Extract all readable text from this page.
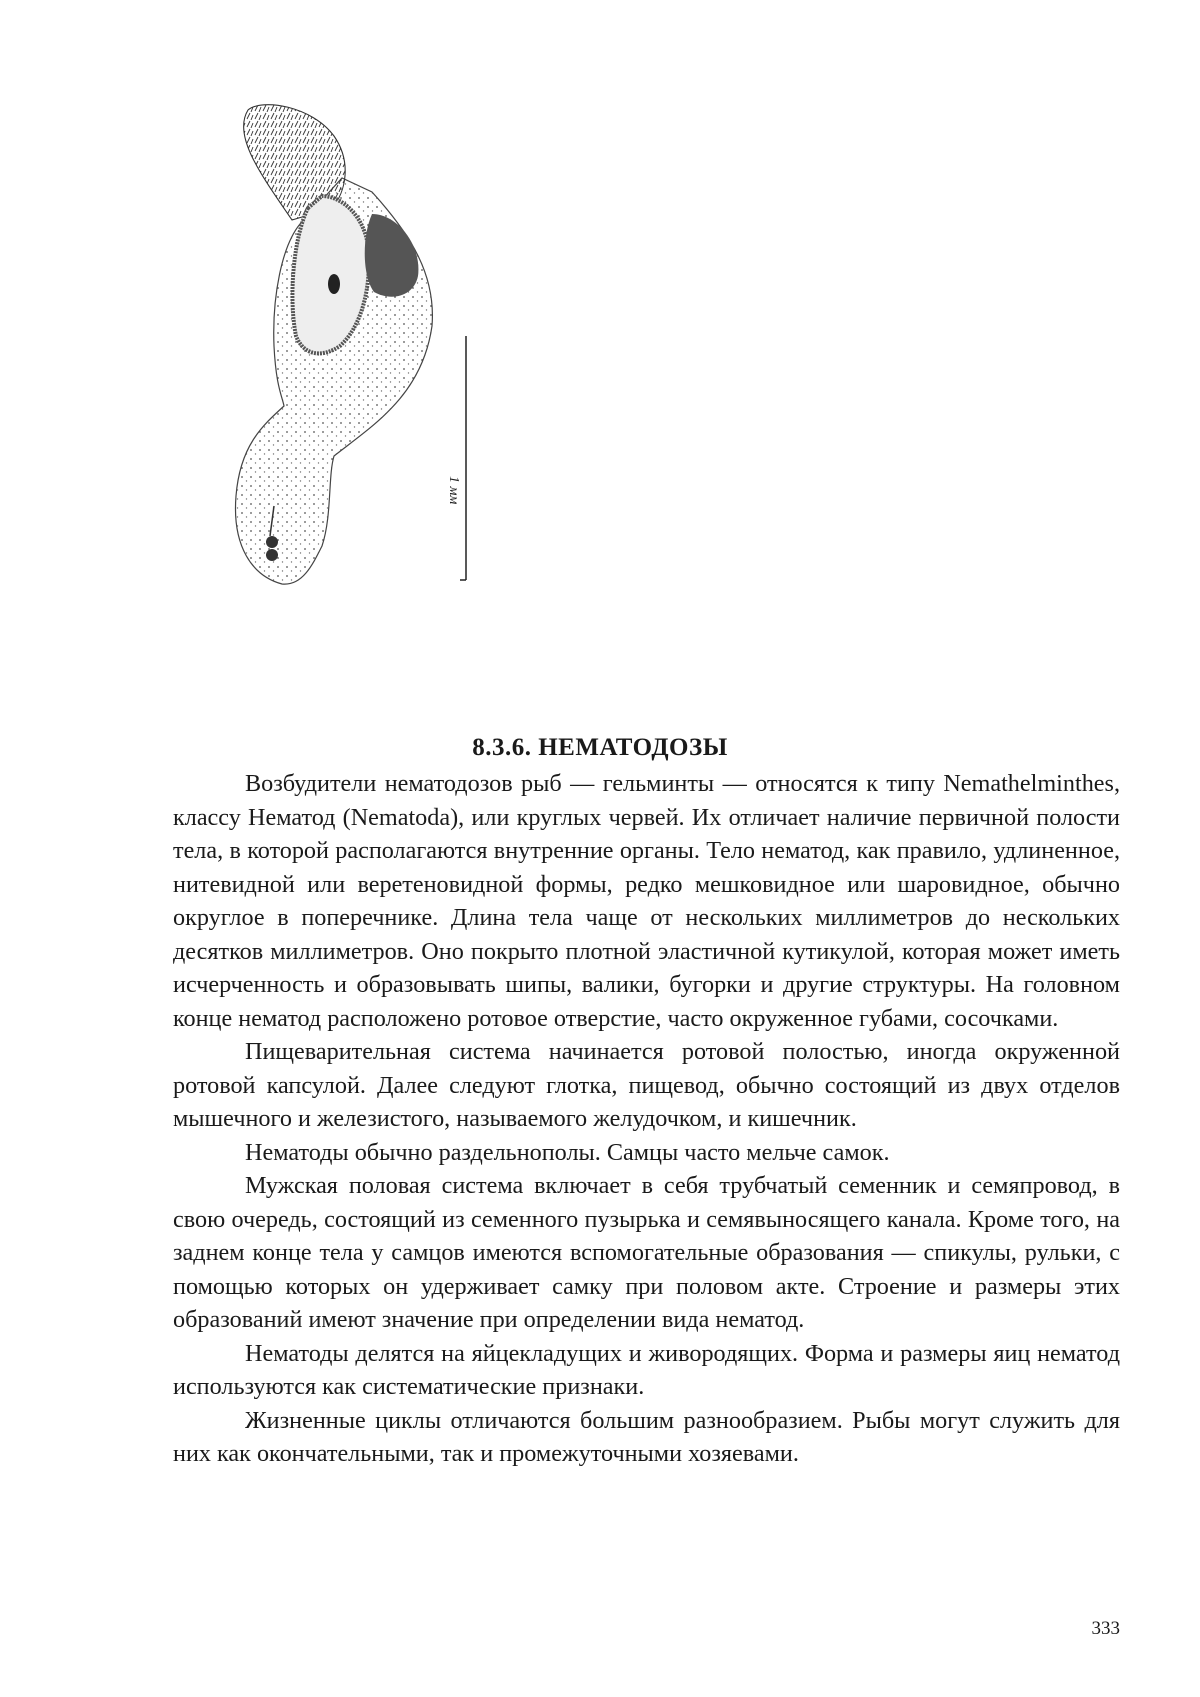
1 мм
8.3.6. НЕМАТОДОЗЫ

Возбудители нематодозов рыб — гельминты — относятся к типу Nemathelminthes, классу Нематод (Nematoda), или круглых червей. Их отличает наличие первичной полости тела, в которой располагаются внутренние органы. Тело нематод, как правило, удлиненное, нитевидной или веретеновидной формы, редко мешковидное или шаровидное, обычно округлое в поперечнике. Длина тела чаще от нескольких миллиметров до нескольких десятков миллиметров. Оно покрыто плотной эластичной кутикулой, которая может иметь исчерченность и образовывать шипы, валики, бугорки и другие структуры. На головном конце нематод расположено ротовое отверстие, часто окруженное губами, сосочками.

Пищеварительная система начинается ротовой полостью, иногда окруженной ротовой капсулой. Далее следуют глотка, пищевод, обычно состоящий из двух отделов мышечного и железистого, называемого желудочком, и кишечник.

Нематоды обычно раздельнополы. Самцы часто мельче самок.

Мужская половая система включает в себя трубчатый семенник и семяпровод, в свою очередь, состоящий из семенного пузырька и семявыносящего канала. Кроме того, на заднем конце тела у самцов имеются вспомогательные образования — спикулы, рульки, с помощью которых он удерживает самку при половом акте. Строение и размеры этих образований имеют значение при определении вида нематод.

Нематоды делятся на яйцекладущих и живородящих. Форма и размеры яиц нематод используются как систематические признаки.

Жизненные циклы отличаются большим разнообразием. Рыбы могут служить для них как окончательными, так и промежуточными хозяевами.

333
